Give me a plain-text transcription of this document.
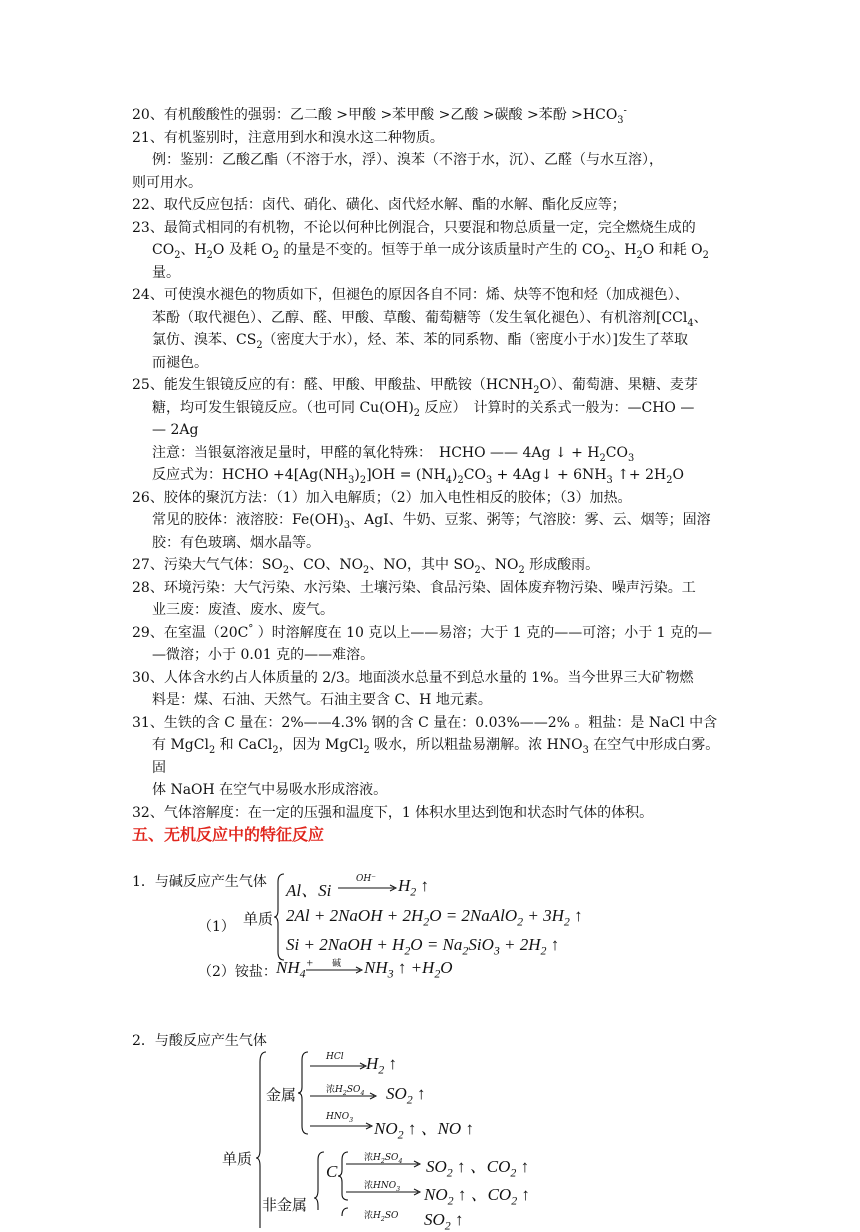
20、有机酸酸性的强弱：乙二酸 >甲酸 >苯甲酸 >乙酸 >碳酸 >苯酚 $>HCO_3^-$
21、有机鉴别时，注意用到水和溴水这二种物质。
例：鉴别：乙酸乙酯（不溶于水，浮）、溴苯（不溶于水，沉）、乙醛（与水互溶），
则可用水。
22、取代反应包括：卤代、硝化、磺化、卤代烃水解、酯的水解、酯化反应等；
23、最简式相同的有机物，不论以何种比例混合，只要混和物总质量一定，完全燃烧生成的
$CO_2$、$H_2O$ 及耗 $O_2$ 的量是不变的。恒等于单一成分该质量时产生的 $CO_2$、$H_2O$ 和耗 $O_2$
量。
24、可使溴水褪色的物质如下，但褪色的原因各自不同：烯、炔等不饱和烃（加成褪色）、
苯酚（取代褪色）、乙醇、醛、甲酸、草酸、葡萄糖等（发生氧化褪色）、有机溶剂[CCl$_4$、
氯仿、溴苯、$CS_2$（密度大于水），烃、苯、苯的同系物、酯（密度小于水）]发生了萃取
而褪色。
25、能发生银镜反应的有：醛、甲酸、甲酸盐、甲酰铵$(HCNH_2O)$、葡萄溏、果糖、麦芽
糖，均可发生银镜反应。（也可同 $Cu(OH)_2$ 反应）　计算时的关系式一般为：—CHO —
— 2Ag
注意：当银氨溶液足量时，甲醛的氧化特殊：　HCHO —— 4Ag ↓ + $H_2CO_3$
反应式为：HCHO $+4[Ag(NH_3)_2]OH = (NH_4)_2CO_3$ + 4Ag↓ + $6NH_3$ ↑+ $2H_2O$
26、胶体的聚沉方法：（1）加入电解质；（2）加入电性相反的胶体；（3）加热。
常见的胶体：液溶胶：$Fe(OH)_3$、AgI、牛奶、豆浆、粥等；气溶胶：雾、云、烟等；固溶
胶：有色玻璃、烟水晶等。
27、污染大气气体：$SO_2$、CO、$NO_2$、NO，其中 $SO_2$、$NO_2$ 形成酸雨。
28、环境污染：大气污染、水污染、土壤污染、食品污染、固体废弃物污染、噪声污染。工
业三废：废渣、废水、废气。
29、在室温（20C° ）时溶解度在 10 克以上——易溶；大于 1 克的——可溶；小于 1 克的—
—微溶；小于 0.01 克的——难溶。
30、人体含水约占人体质量的 2/3。地面淡水总量不到总水量的 1%。当今世界三大矿物燃
料是：煤、石油、天然气。石油主要含 C、H 地元素。
31、生铁的含 C 量在：2%——4.3% 钢的含 C 量在：0.03%——2% 。粗盐：是 NaCl 中含
有 MgCl$_2$ 和 CaCl$_2$，因为 MgCl$_2$ 吸水，所以粗盐易潮解。浓 $HNO_3$ 在空气中形成白雾。固
体 NaOH 在空气中易吸水形成溶液。
32、气体溶解度：在一定的压强和温度下，1 体积水里达到饱和状态时气体的体积。
五、无机反应中的特征反应
1．与碱反应产生气体
（1） 单质
Al、Si
OH⁻ $H_2$ ↑
2Al + 2NaOH + $2H_2O$ = 2NaAlO$_2$ + $3H_2$ ↑
Si + 2NaOH + $H_2O = Na_2SiO_3 + 2H_2$ ↑
（2）铵盐： $NH_4^+$ 碱 $NH_3$ ↑ $+H_2O$
2．与酸反应产生气体
单质
金属
HCl $H_2$ ↑
浓$H_2SO_4$ $SO_2$ ↑
$HNO_3$ $NO_2$ ↑ 、NO ↑
非金属
C
浓$H_2SO_4$ $SO_2$ ↑ 、$CO_2$ ↑
浓$HNO_3$ $NO_2$ ↑ 、$CO_2$ ↑
浓$H_2SO$ $SO_2$ ↑
